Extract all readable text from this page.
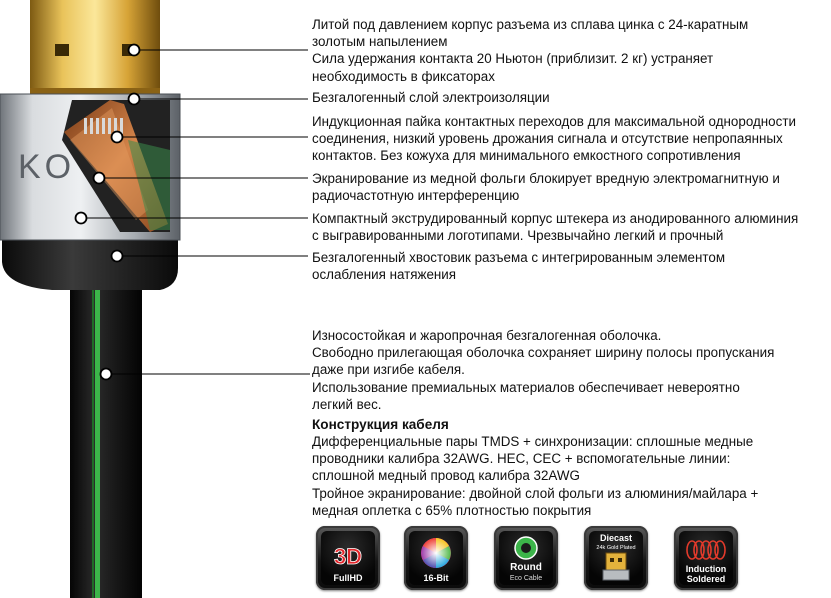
KO

Литой под давлением корпус разъема из сплава цинка с 24-каратным
золотым напылением
Сила удержания контакта 20 Ньютон (приблизит. 2 кг) устраняет
необходимость в фиксаторах

Безгалогенный слой электроизоляции

Индукционная пайка контактных переходов для максимальной однородности
соединения, низкий уровень дрожания сигнала и отсутствие непропаянных
контактов. Без кожуха для минимального емкостного сопротивления

Экранирование из медной фольги блокирует вредную электромагнитную и
радиочастотную интерференцию

Компактный экструдированный корпус штекера из анодированного алюминия
с выгравированными логотипами. Чрезвычайно легкий и прочный

Безгалогенный хвостовик разъема с интегрированным элементом
ослабления натяжения

Износостойкая и жаропрочная безгалогенная оболочка.
Свободно прилегающая оболочка сохраняет ширину полосы пропускания
даже при изгибе кабеля.
Использование премиальных материалов обеспечивает невероятно
легкий вес.

Конструкция кабеля

Дифференциальные пары TMDS + синхронизации: сплошные медные
проводники калибра 32AWG. HEC, CEC + вспомогательные линии:
сплошной медный провод калибра 32AWG
Тройное экранирование: двойной слой фольги из алюминия/майлара +
медная оплетка с 65% плотностью покрытия

3D
FullHD	16-Bit
Round
Eco Cable
Diecast
24k Gold Plated
Induction
Soldered
